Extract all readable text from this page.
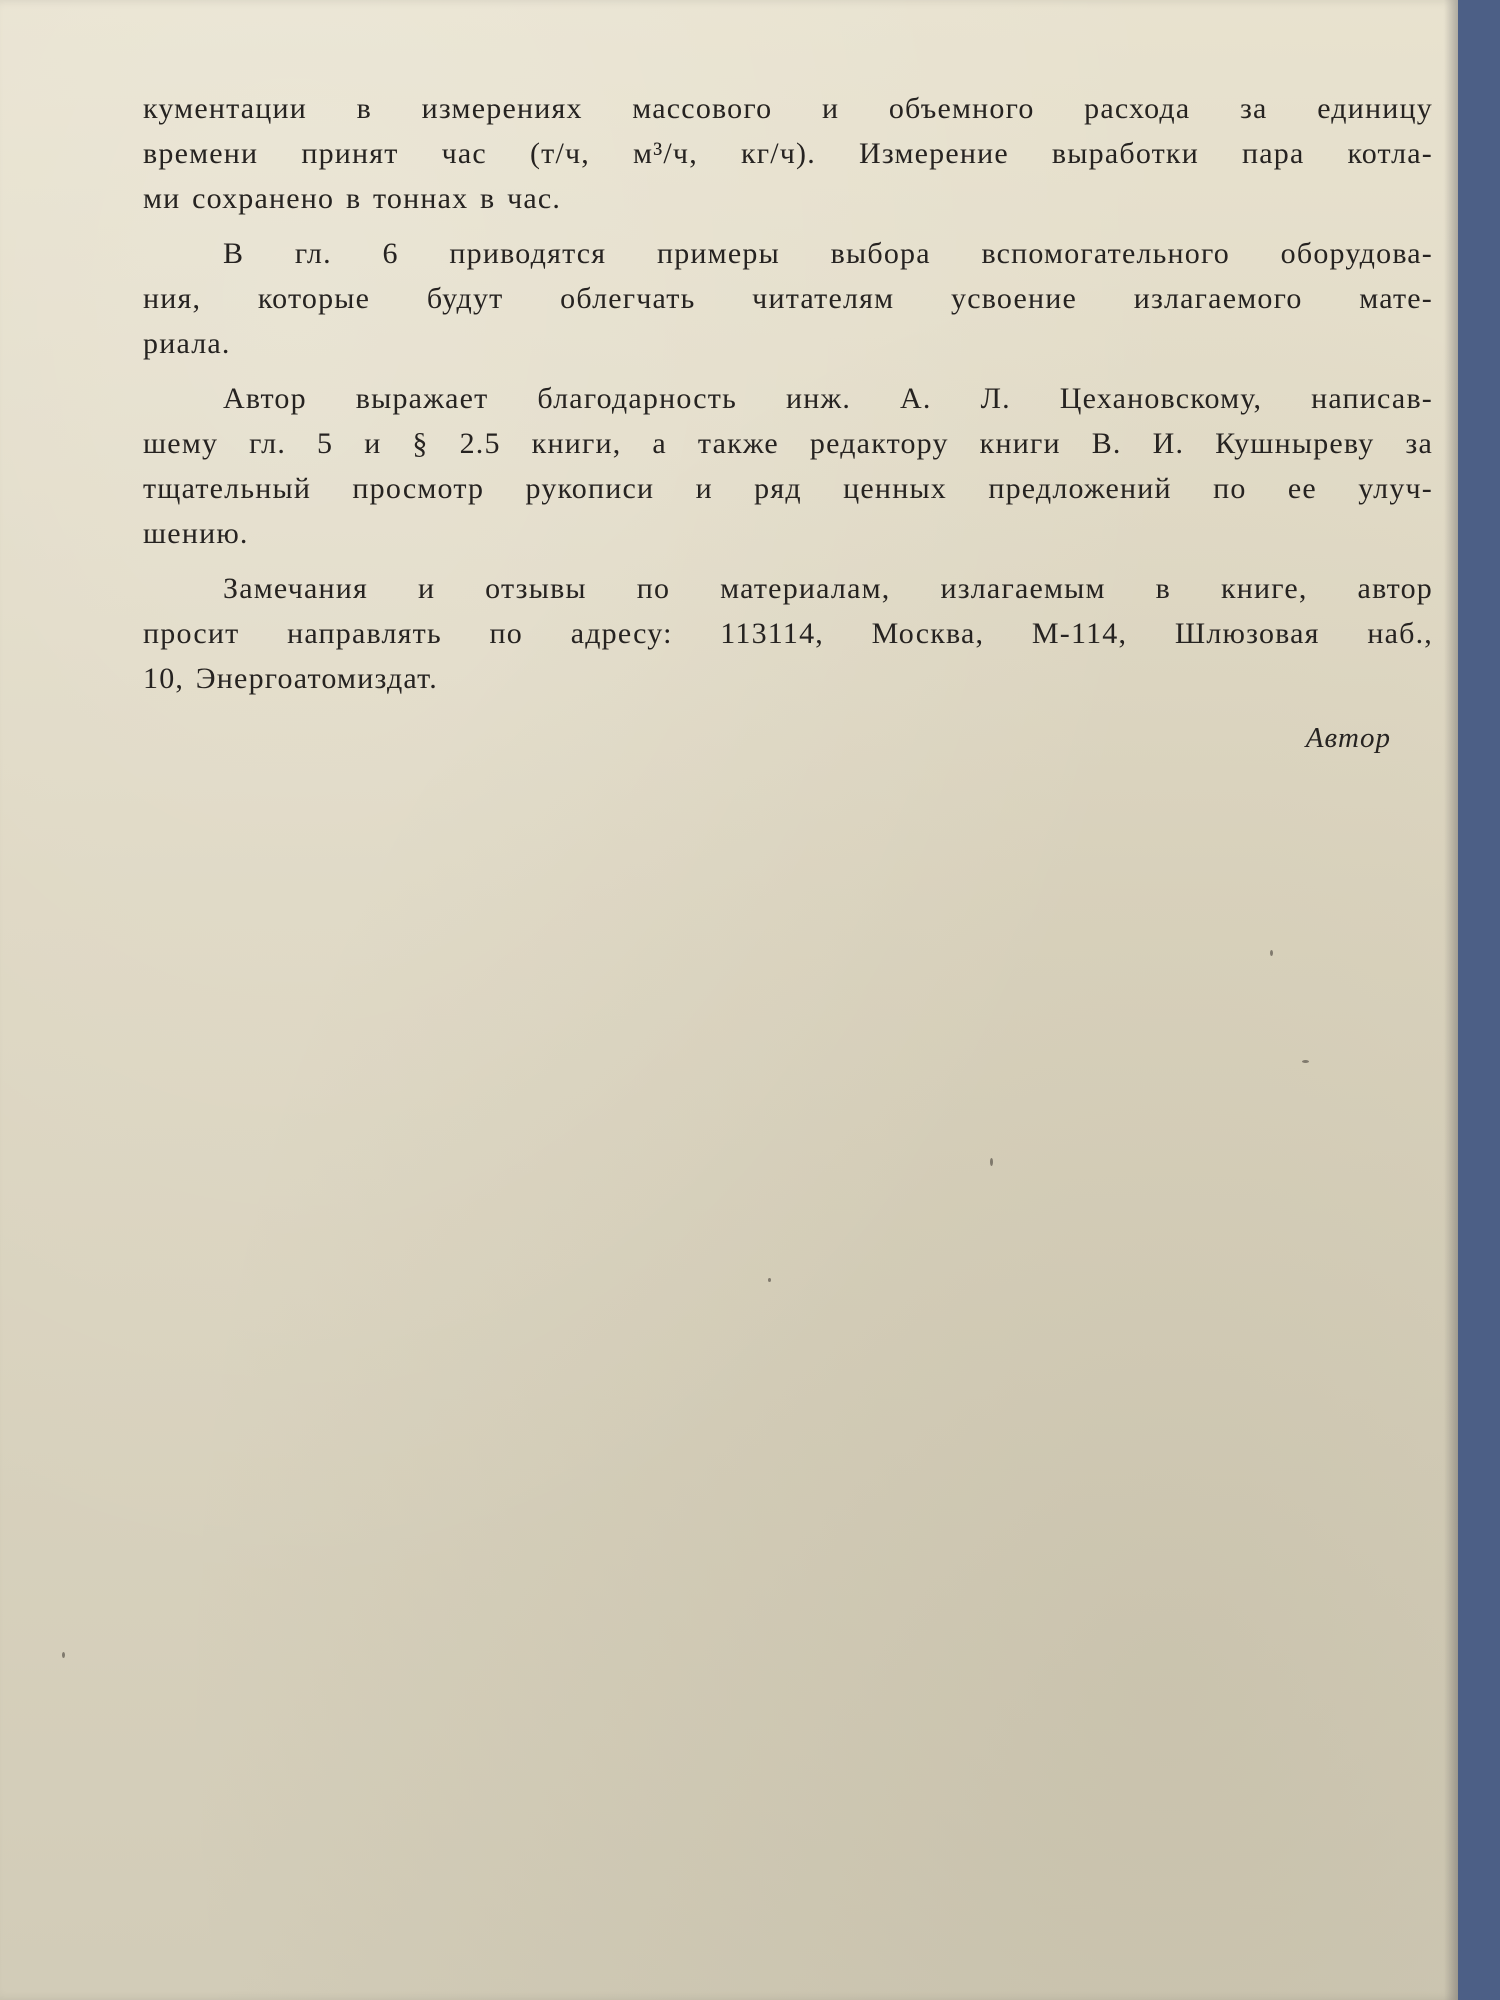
кументации в измерениях массового и объемного расхода за единицу
времени принят час (т/ч, м³/ч, кг/ч). Измерение выработки пара котла-
ми сохранено в тоннах в час.
В гл. 6 приводятся примеры выбора вспомогательного оборудова-
ния, которые будут облегчать читателям усвоение излагаемого мате-
риала.
Автор выражает благодарность инж. А. Л. Цехановскому, написав-
шему гл. 5 и § 2.5 книги, а также редактору книги В. И. Кушныреву за
тщательный просмотр рукописи и ряд ценных предложений по ее улуч-
шению.
Замечания и отзывы по материалам, излагаемым в книге, автор
просит направлять по адресу: 113114, Москва, М-114, Шлюзовая наб.,
10, Энергоатомиздат.
Автор
